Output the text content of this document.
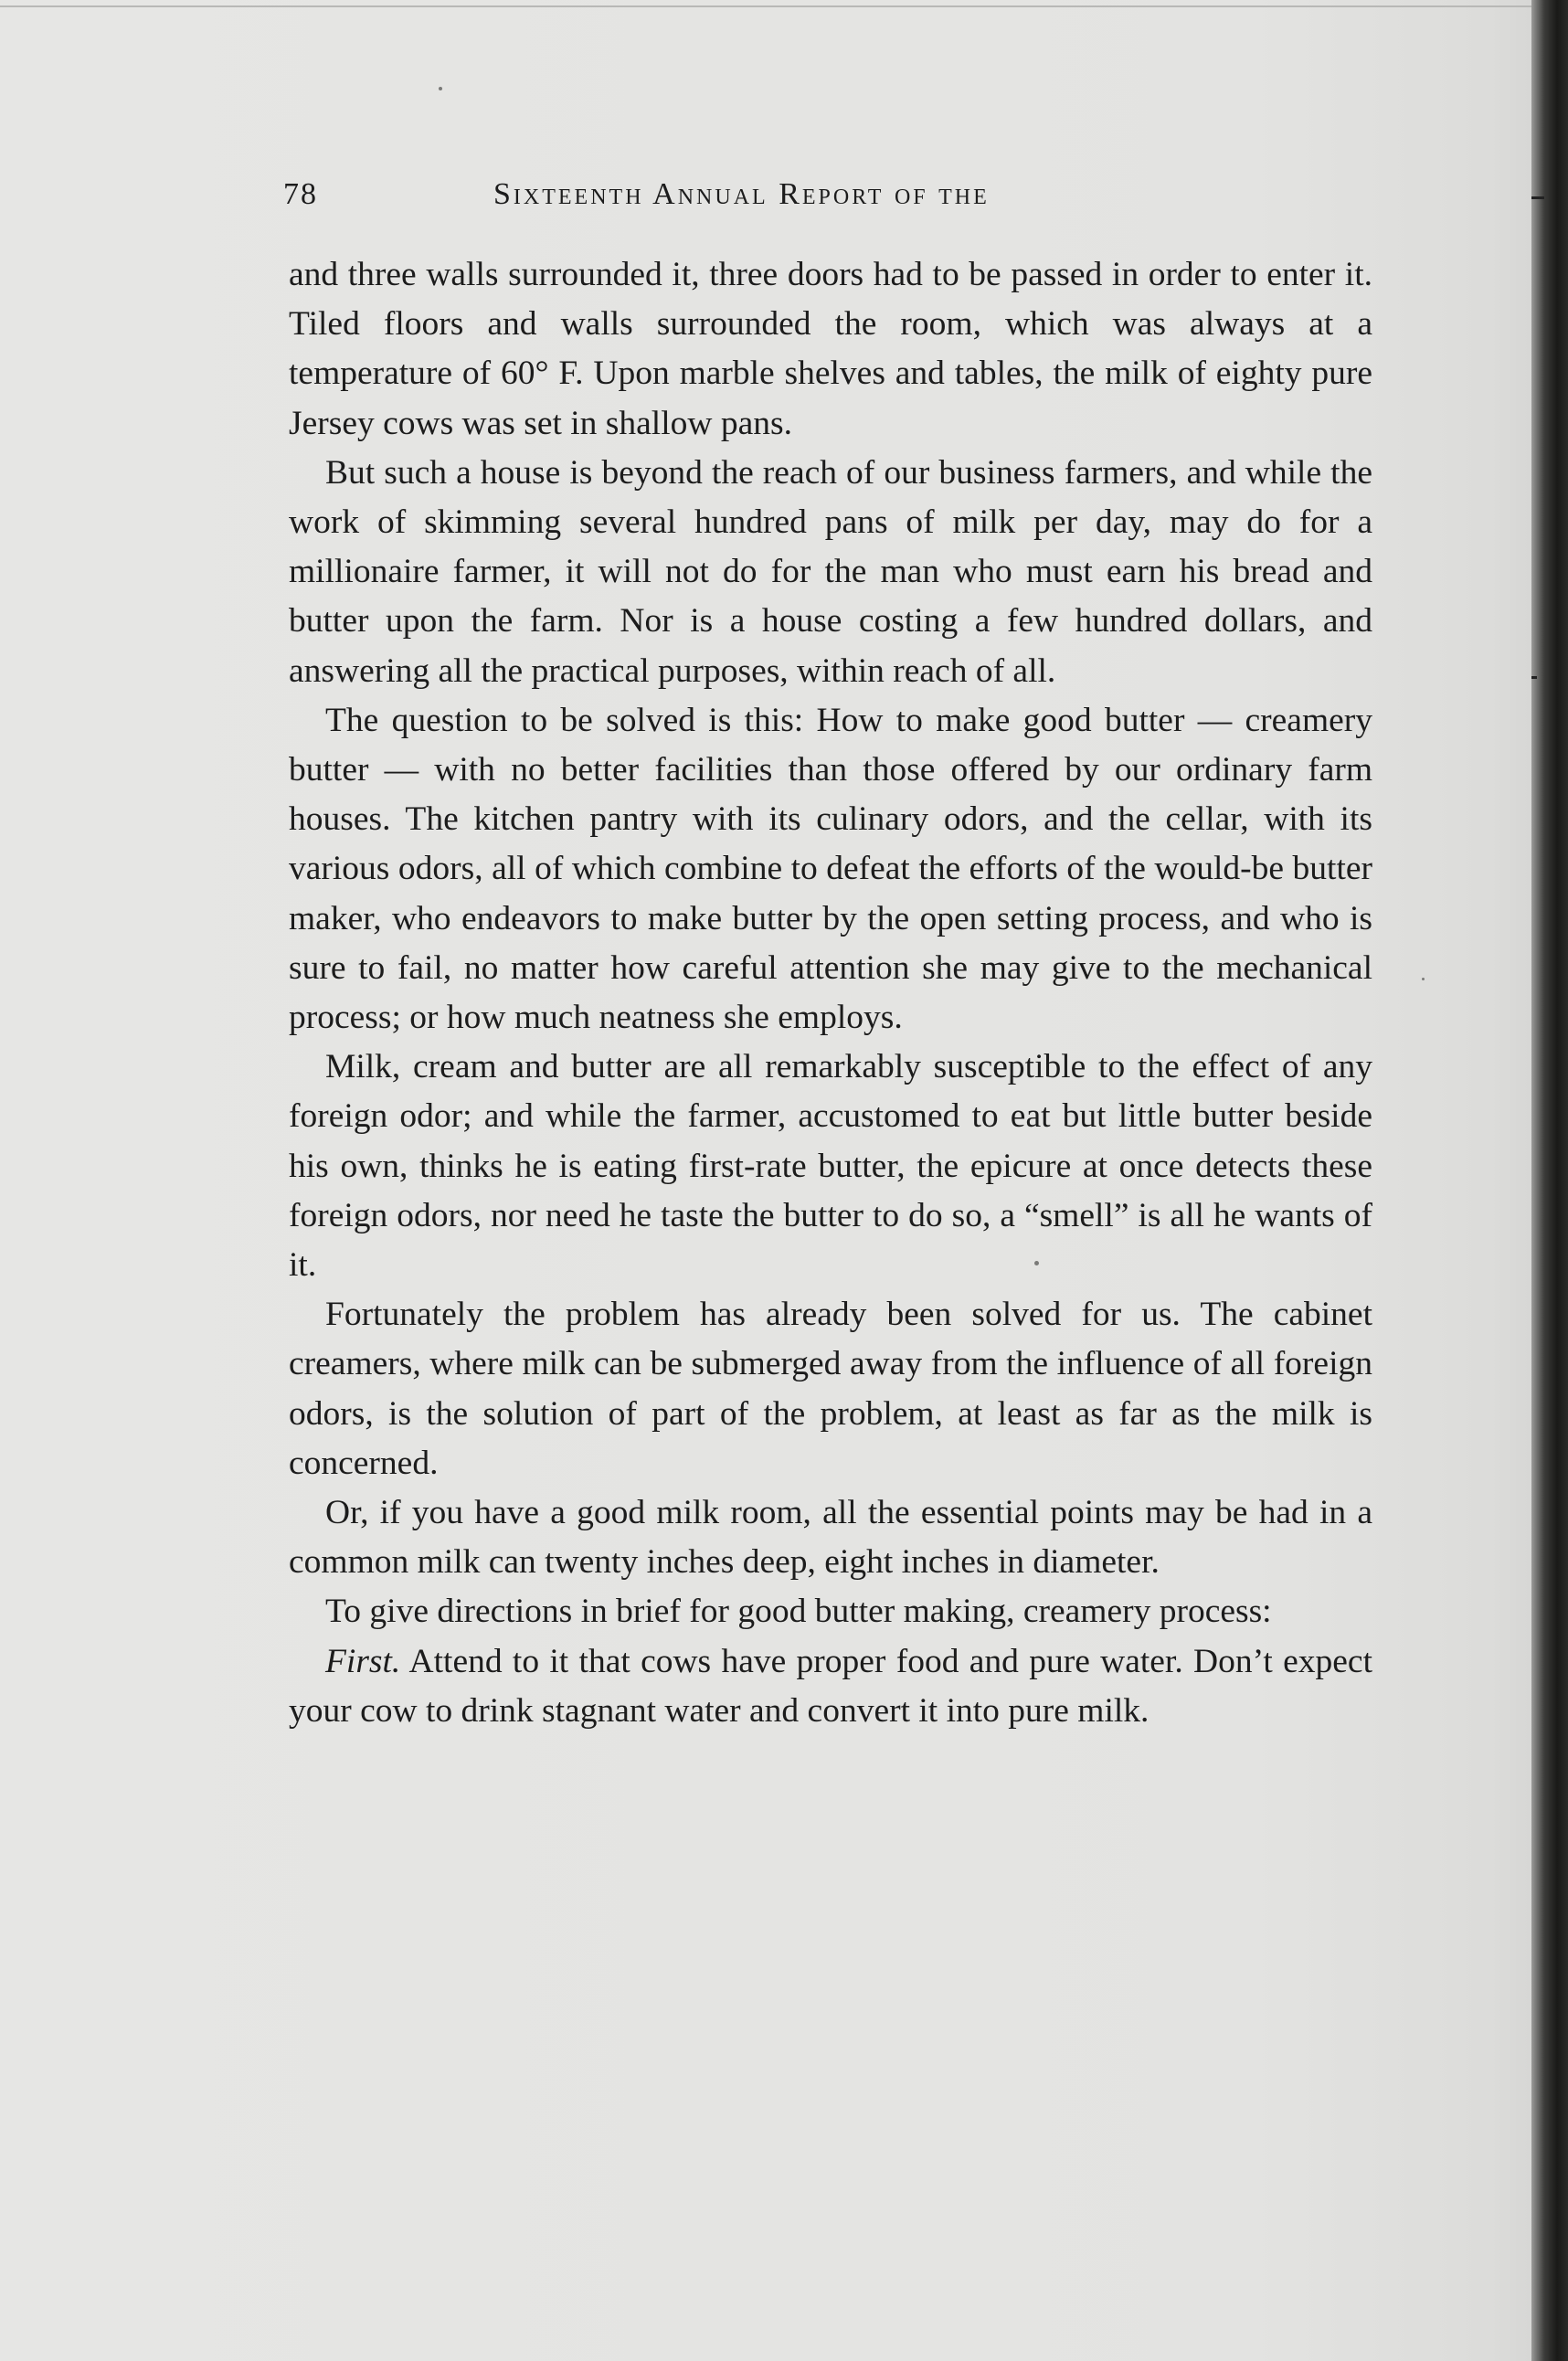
78	Sixteenth Annual Report of the

and three walls surrounded it, three doors had to be passed in order to enter it. Tiled floors and walls surrounded the room, which was always at a temperature of 60° F. Upon marble shelves and tables, the milk of eighty pure Jersey cows was set in shallow pans.

But such a house is beyond the reach of our business farmers, and while the work of skimming several hundred pans of milk per day, may do for a millionaire farmer, it will not do for the man who must earn his bread and butter upon the farm. Nor is a house costing a few hundred dollars, and answering all the practical purposes, within reach of all.

The question to be solved is this: How to make good butter — creamery butter — with no better facilities than those offered by our ordinary farm houses. The kitchen pantry with its culinary odors, and the cellar, with its various odors, all of which combine to defeat the efforts of the would-be butter maker, who endeavors to make butter by the open setting process, and who is sure to fail, no matter how careful attention she may give to the mechanical process; or how much neatness she employs.

Milk, cream and butter are all remarkably susceptible to the effect of any foreign odor; and while the farmer, accustomed to eat but little butter beside his own, thinks he is eating first-rate butter, the epicure at once detects these foreign odors, nor need he taste the butter to do so, a “smell” is all he wants of it.

Fortunately the problem has already been solved for us. The cabinet creamers, where milk can be submerged away from the influence of all foreign odors, is the solution of part of the problem, at least as far as the milk is concerned.

Or, if you have a good milk room, all the essential points may be had in a common milk can twenty inches deep, eight inches in diameter.

To give directions in brief for good butter making, creamery process:

First. Attend to it that cows have proper food and pure water. Don’t expect your cow to drink stagnant water and convert it into pure milk.
